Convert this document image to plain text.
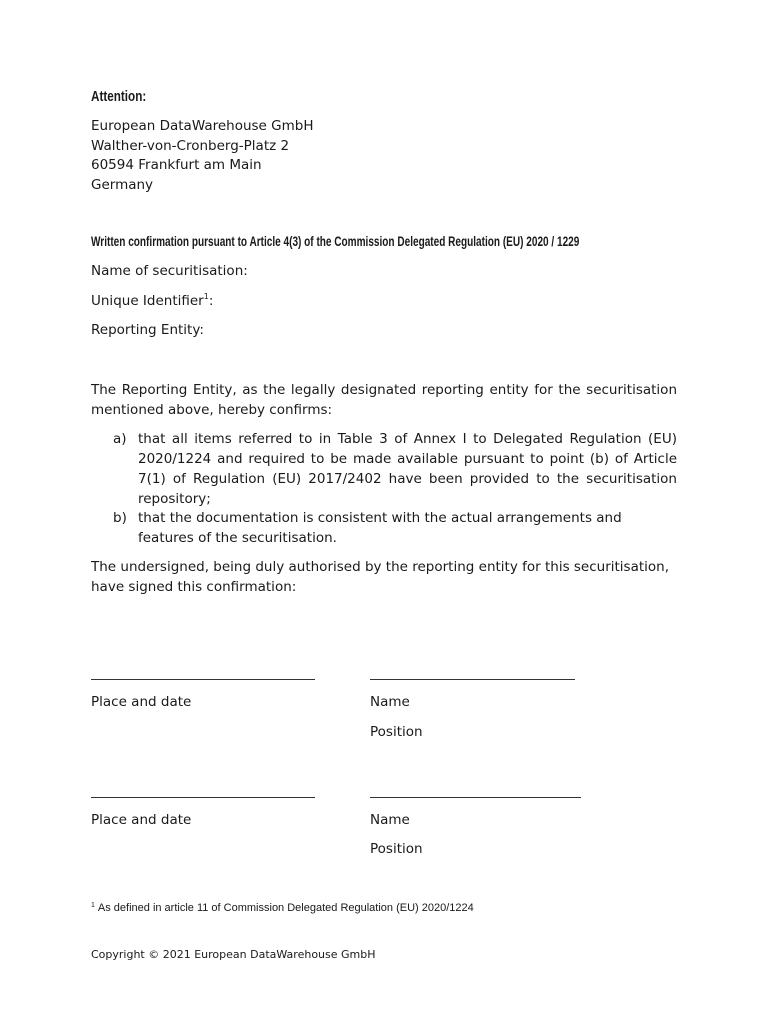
Attention:
European DataWarehouse GmbH
Walther-von-Cronberg-Platz 2
60594 Frankfurt am Main
Germany
Written confirmation pursuant to Article 4(3) of the Commission Delegated Regulation (EU) 2020 / 1229
Name of securitisation:
Unique Identifier$^1$:
Reporting Entity:
The Reporting Entity, as the legally designated reporting entity for the securitisation mentioned above, hereby confirms:
a) that all items referred to in Table 3 of Annex I to Delegated Regulation (EU) 2020/1224 and required to be made available pursuant to point (b) of Article 7(1) of Regulation (EU) 2017/2402 have been provided to the securitisation repository;
b) that the documentation is consistent with the actual arrangements and features of the securitisation.
The undersigned, being duly authorised by the reporting entity for this securitisation, have signed this confirmation:
Place and date	Name
Position
Place and date	Name
Position
$^1$ As defined in article 11 of Commission Delegated Regulation (EU) 2020/1224
Copyright © 2021 European DataWarehouse GmbH
